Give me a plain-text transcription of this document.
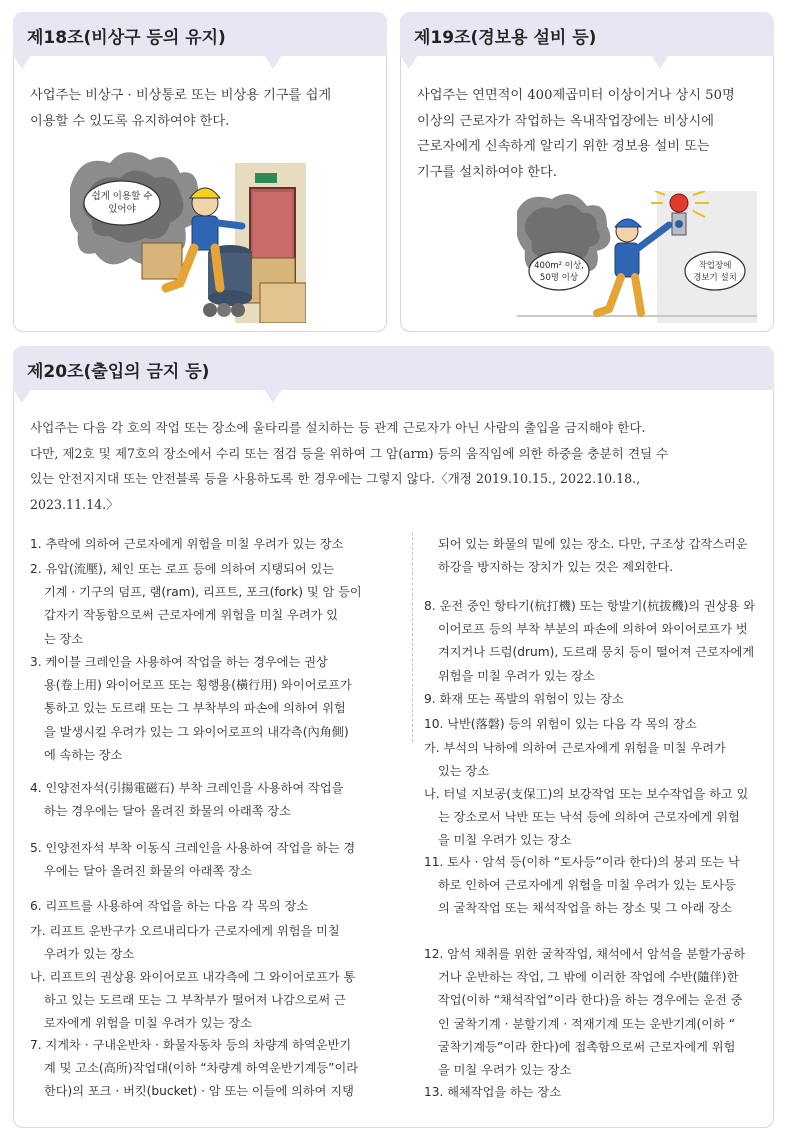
제18조(비상구 등의 유지)
사업주는 비상구 · 비상통로 또는 비상용 기구를 쉽게
이용할 수 있도록 유지하여야 한다.
쉽게 이용할 수
있어야
제19조(경보용 설비 등)
사업주는 연면적이 400제곱미터 이상이거나 상시 50명
이상의 근로자가 작업하는 옥내작업장에는 비상시에
근로자에게 신속하게 알리기 위한 경보용 설비 또는
기구를 설치하여야 한다.
400m² 이상,
50명 이상
작업장에
경보기 설치
제20조(출입의 금지 등)
사업주는 다음 각 호의 작업 또는 장소에 울타리를 설치하는 등 관계 근로자가 아닌 사람의 출입을 금지해야 한다.
다만, 제2호 및 제7호의 장소에서 수리 또는 점검 등을 위하여 그 암(arm) 등의 움직임에 의한 하중을 충분히 견딜 수
있는 안전지지대 또는 안전블록 등을 사용하도록 한 경우에는 그렇지 않다.〈개정 2019.10.15., 2022.10.18.,
2023.11.14.〉
1. 추락에 의하여 근로자에게 위험을 미칠 우려가 있는 장소
2. 유압(流壓), 체인 또는 로프 등에 의하여 지탱되어 있는
기계 · 기구의 덤프, 램(ram), 리프트, 포크(fork) 및 암 등이
갑자기 작동함으로써 근로자에게 위험을 미칠 우려가 있
는 장소
3. 케이블 크레인을 사용하여 작업을 하는 경우에는 권상
용(卷上用) 와이어로프 또는 횡행용(橫行用) 와이어로프가
통하고 있는 도르래 또는 그 부착부의 파손에 의하여 위험
을 발생시킬 우려가 있는 그 와이어로프의 내각측(內角側)
에 속하는 장소
4. 인양전자석(引揚電磁石) 부착 크레인을 사용하여 작업을
하는 경우에는 달아 올려진 화물의 아래쪽 장소
5. 인양전자석 부착 이동식 크레인을 사용하여 작업을 하는 경
우에는 달아 올려진 화물의 아래쪽 장소
6. 리프트를 사용하여 작업을 하는 다음 각 목의 장소
가. 리프트 운반구가 오르내리다가 근로자에게 위험을 미칠
우려가 있는 장소
나. 리프트의 권상용 와이어로프 내각측에 그 와이어로프가 통
하고 있는 도르래 또는 그 부착부가 떨어져 나감으로써 근
로자에게 위험을 미칠 우려가 있는 장소
7. 지게차 · 구내운반차 · 화물자동차 등의 차량계 하역운반기
계 및 고소(高所)작업대(이하 “차량계 하역운반기계등”이라
한다)의 포크 · 버킷(bucket) · 암 또는 이들에 의하여 지탱
되어 있는 화물의 밑에 있는 장소. 다만, 구조상 갑작스러운
하강을 방지하는 장치가 있는 것은 제외한다.
8. 운전 중인 항타기(杭打機) 또는 항발기(杭拔機)의 권상용 와
이어로프 등의 부착 부분의 파손에 의하여 와이어로프가 벗
겨지거나 드럼(drum), 도르래 뭉치 등이 떨어져 근로자에게
위험을 미칠 우려가 있는 장소
9. 화재 또는 폭발의 위험이 있는 장소
10. 낙반(落磐) 등의 위험이 있는 다음 각 목의 장소
가. 부석의 낙하에 의하여 근로자에게 위험을 미칠 우려가
있는 장소
나. 터널 지보공(支保工)의 보강작업 또는 보수작업을 하고 있
는 장소로서 낙반 또는 낙석 등에 의하여 근로자에게 위험
을 미칠 우려가 있는 장소
11. 토사 · 암석 등(이하 “토사등”이라 한다)의 붕괴 또는 낙
하로 인하여 근로자에게 위험을 미칠 우려가 있는 토사등
의 굴착작업 또는 채석작업을 하는 장소 및 그 아래 장소
12. 암석 채취를 위한 굴착작업, 채석에서 암석을 분할가공하
거나 운반하는 작업, 그 밖에 이러한 작업에 수반(隨伴)한
작업(이하 “채석작업”이라 한다)을 하는 경우에는 운전 중
인 굴착기계 · 분할기계 · 적재기계 또는 운반기계(이하 “
굴착기계등”이라 한다)에 접촉함으로써 근로자에게 위험
을 미칠 우려가 있는 장소
13. 해체작업을 하는 장소
